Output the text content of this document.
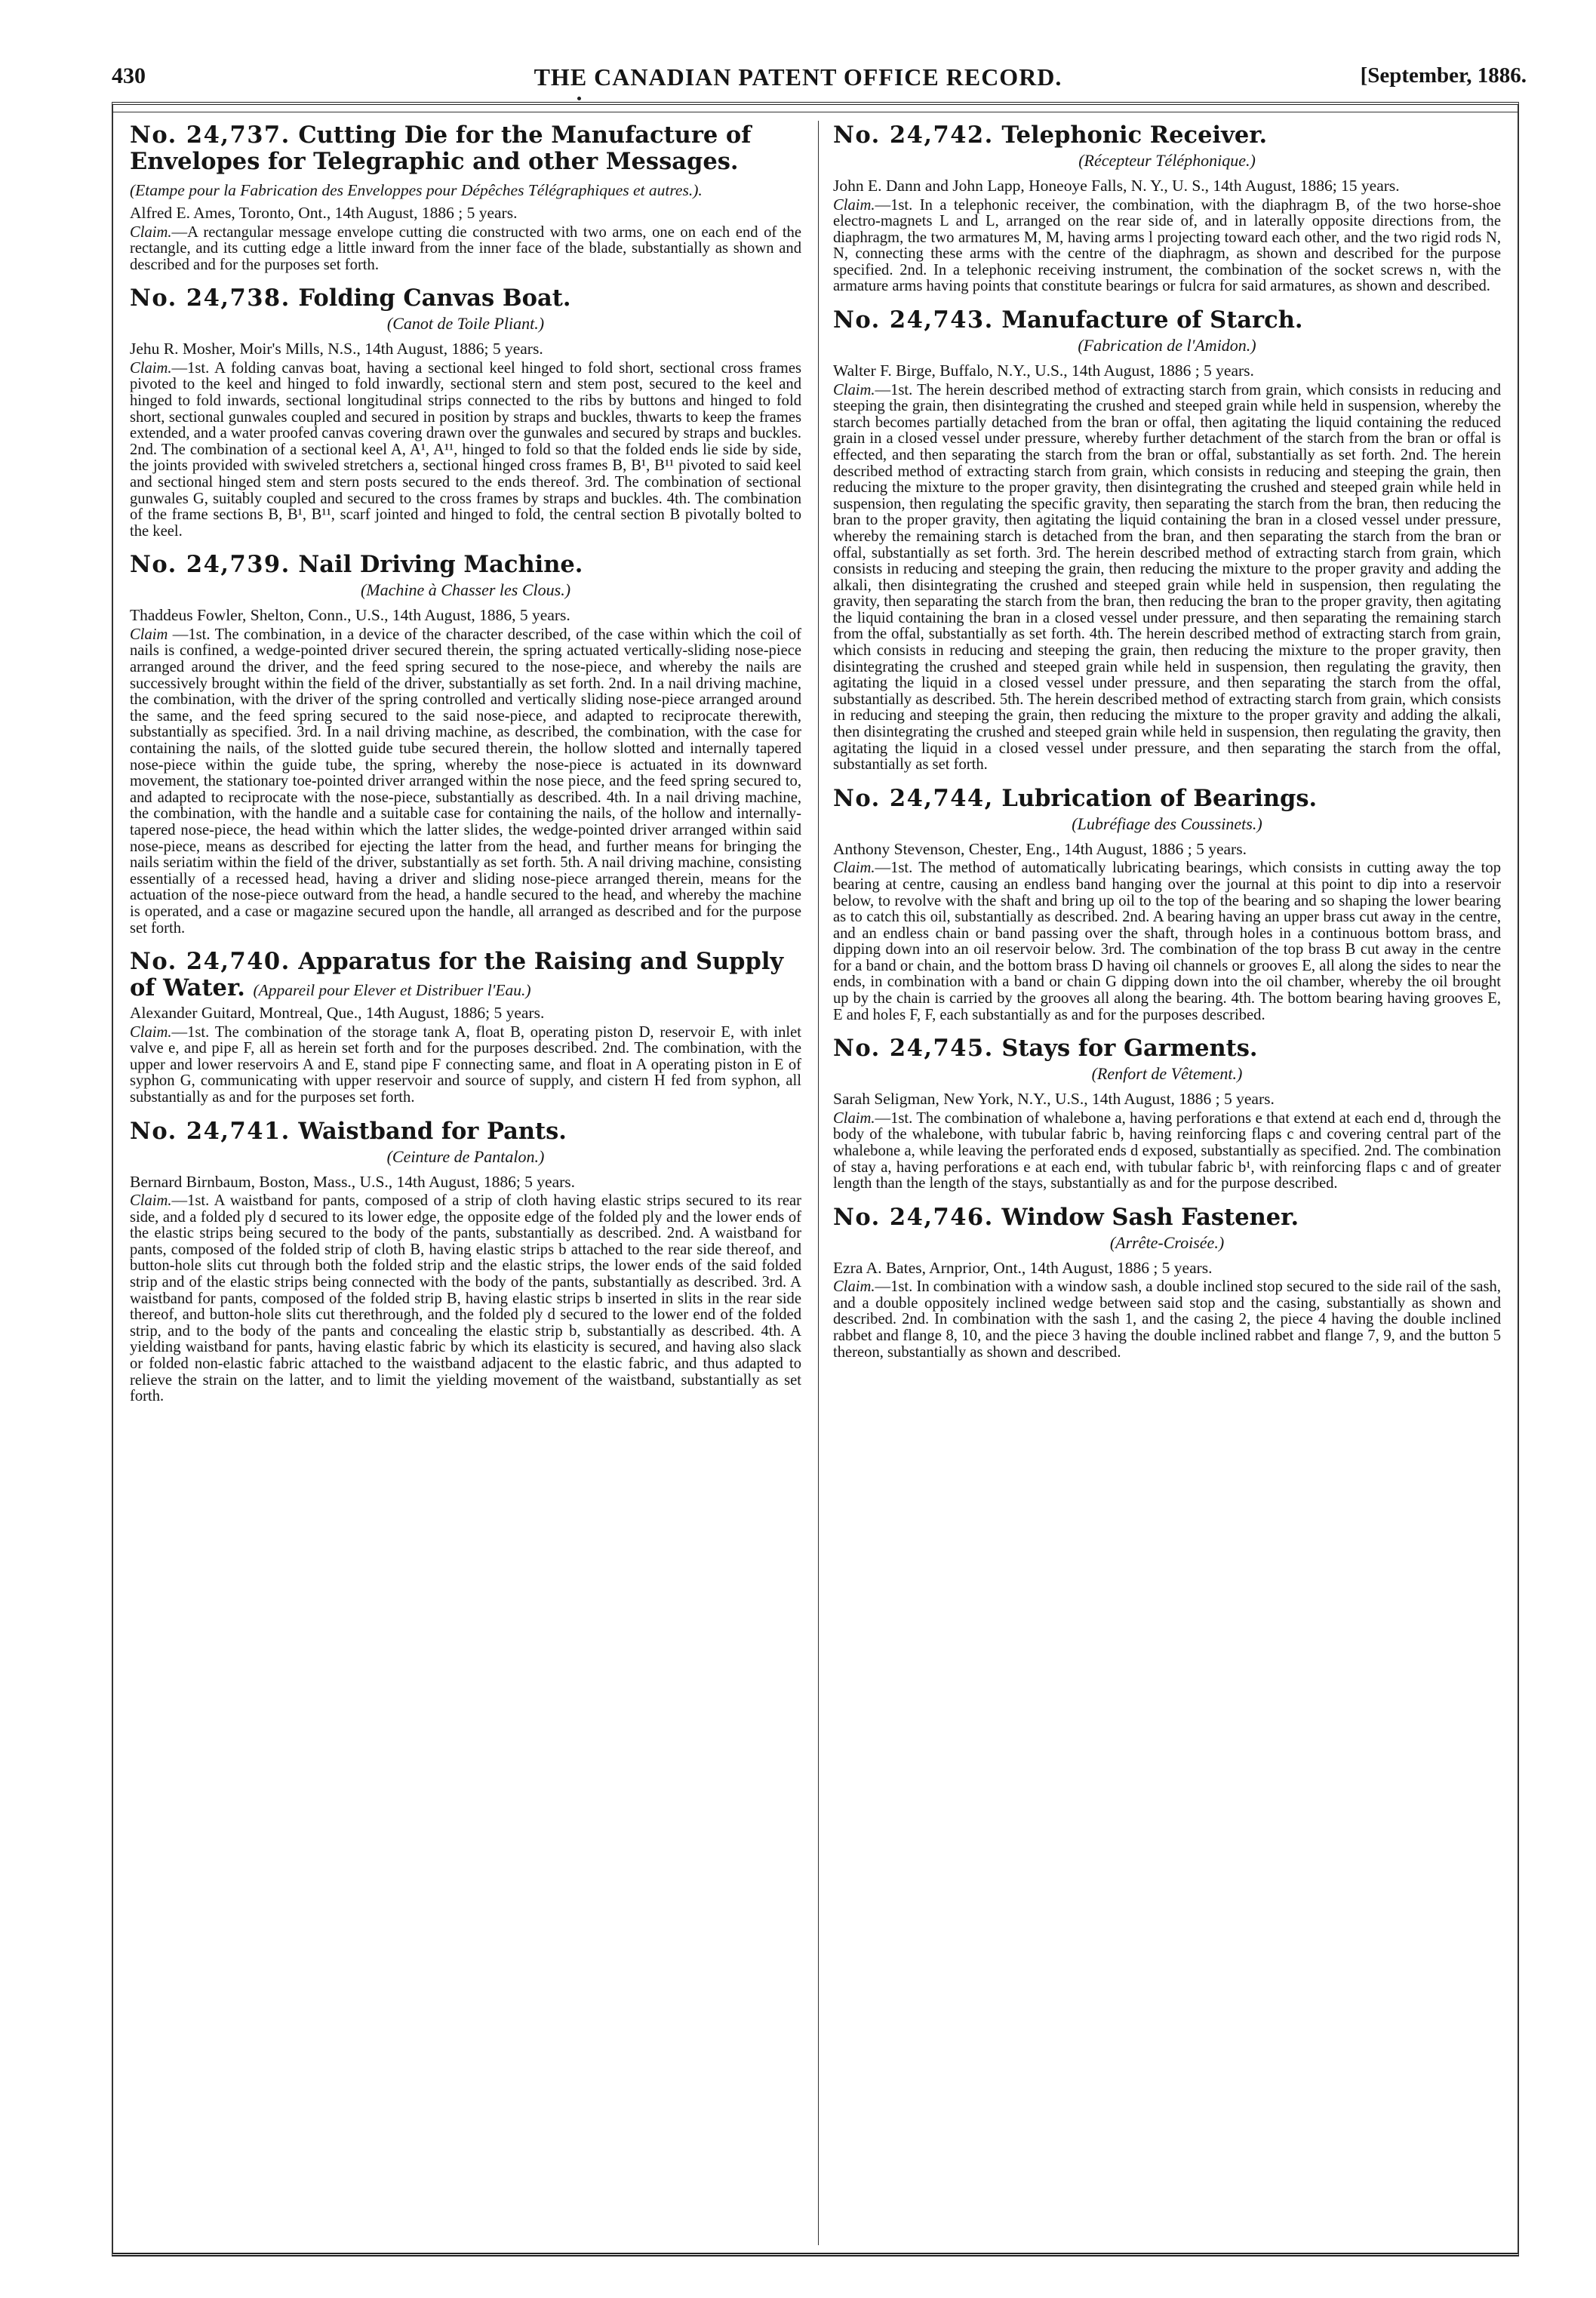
THE CANADIAN PATENT OFFICE RECORD.
430	[September, 1886.
No. 24,737. Cutting Die for the Manufacture of Envelopes for Telegraphic and other Messages. (Etampe pour la Fabrication des Enveloppes pour Dépêches Télégraphiques et autres.).
Alfred E. Ames, Toronto, Ont., 14th August, 1886 ; 5 years.

Claim.—A rectangular message envelope cutting die constructed with two arms, one on each end of the rectangle, and its cutting edge a little inward from the inner face of the blade, substantially as shown and described and for the purposes set forth.

No. 24,738. Folding Canvas Boat.
(Canot de Toile Pliant.)
Jehu R. Mosher, Moir's Mills, N.S., 14th August, 1886; 5 years.

Claim.—1st. A folding canvas boat, having a sectional keel hinged to fold short, sectional cross frames pivoted to the keel and hinged to fold inwardly, sectional stern and stem post, secured to the keel and hinged to fold inwards, sectional longitudinal strips connected to the ribs by buttons and hinged to fold short, sectional gunwales coupled and secured in position by straps and buckles, thwarts to keep the frames extended, and a water proofed canvas covering drawn over the gunwales and secured by straps and buckles. 2nd. The combination of a sectional keel A, A¹, A¹¹, hinged to fold so that the folded ends lie side by side, the joints provided with swiveled stretchers a, sectional hinged cross frames B, B¹, B¹¹ pivoted to said keel and sectional hinged stem and stern posts secured to the ends thereof. 3rd. The combination of sectional gunwales G, suitably coupled and secured to the cross frames by straps and buckles. 4th. The combination of the frame sections B, B¹, B¹¹, scarf jointed and hinged to fold, the central section B pivotally bolted to the keel.

No. 24,739. Nail Driving Machine.
(Machine à Chasser les Clous.)
Thaddeus Fowler, Shelton, Conn., U.S., 14th August, 1886, 5 years.

Claim —1st. The combination, in a device of the character described, of the case within which the coil of nails is confined, a wedge-pointed driver secured therein, the spring actuated vertically-sliding nose-piece arranged around the driver, and the feed spring secured to the nose-piece, and whereby the nails are successively brought within the field of the driver, substantially as set forth. 2nd. In a nail driving machine, the combination, with the driver of the spring controlled and vertically sliding nose-piece arranged around the same, and the feed spring secured to the said nose-piece, and adapted to reciprocate therewith, substantially as specified. 3rd. In a nail driving machine, as described, the combination, with the case for containing the nails, of the slotted guide tube secured therein, the hollow slotted and internally tapered nose-piece within the guide tube, the spring, whereby the nose-piece is actuated in its downward movement, the stationary toe-pointed driver arranged within the nose piece, and the feed spring secured to, and adapted to reciprocate with the nose-piece, substantially as described. 4th. In a nail driving machine, the combination, with the handle and a suitable case for containing the nails, of the hollow and internally-tapered nose-piece, the head within which the latter slides, the wedge-pointed driver arranged within said nose-piece, means as described for ejecting the latter from the head, and further means for bringing the nails seriatim within the field of the driver, substantially as set forth. 5th. A nail driving machine, consisting essentially of a recessed head, having a driver and sliding nose-piece arranged therein, means for the actuation of the nose-piece outward from the head, a handle secured to the head, and whereby the machine is operated, and a case or magazine secured upon the handle, all arranged as described and for the purpose set forth.

No. 24,740. Apparatus for the Raising and Supply of Water. (Appareil pour Elever et Distribuer l'Eau.)
Alexander Guitard, Montreal, Que., 14th August, 1886; 5 years.

Claim.—1st. The combination of the storage tank A, float B, operating piston D, reservoir E, with inlet valve e, and pipe F, all as herein set forth and for the purposes described. 2nd. The combination, with the upper and lower reservoirs A and E, stand pipe F connecting same, and float in A operating piston in E of syphon G, communicating with upper reservoir and source of supply, and cistern H fed from syphon, all substantially as and for the purposes set forth.

No. 24,741. Waistband for Pants.
(Ceinture de Pantalon.)
Bernard Birnbaum, Boston, Mass., U.S., 14th August, 1886; 5 years.

Claim.—1st. A waistband for pants, composed of a strip of cloth having elastic strips secured to its rear side, and a folded ply d secured to its lower edge, the opposite edge of the folded ply and the lower ends of the elastic strips being secured to the body of the pants, substantially as described. 2nd. A waistband for pants, composed of the folded strip of cloth B, having elastic strips b attached to the rear side thereof, and button-hole slits cut through both the folded strip and the elastic strips, the lower ends of the said folded strip and of the elastic strips being connected with the body of the pants, substantially as described. 3rd. A waistband for pants, composed of the folded strip B, having elastic strips b inserted in slits in the rear side thereof, and button-hole slits cut therethrough, and the folded ply d secured to the lower end of the folded strip, and to the body of the pants and concealing the elastic strip b, substantially as described. 4th. A yielding waistband for pants, having elastic fabric by which its elasticity is secured, and having also slack or folded non-elastic fabric attached to the waistband adjacent to the elastic fabric, and thus adapted to relieve the strain on the latter, and to limit the yielding movement of the waistband, substantially as set forth.

No. 24,742. Telephonic Receiver.
(Récepteur Téléphonique.)
John E. Dann and John Lapp, Honeoye Falls, N. Y., U. S., 14th August, 1886; 15 years.

Claim.—1st. In a telephonic receiver, the combination, with the diaphragm B, of the two horse-shoe electro-magnets L and L, arranged on the rear side of, and in laterally opposite directions from, the diaphragm, the two armatures M, M, having arms l projecting toward each other, and the two rigid rods N, N, connecting these arms with the centre of the diaphragm, as shown and described for the purpose specified. 2nd. In a telephonic receiving instrument, the combination of the socket screws n, with the armature arms having points that constitute bearings or fulcra for said armatures, as shown and described.

No. 24,743. Manufacture of Starch.
(Fabrication de l'Amidon.)
Walter F. Birge, Buffalo, N.Y., U.S., 14th August, 1886 ; 5 years.

Claim.—1st. The herein described method of extracting starch from grain, which consists in reducing and steeping the grain, then disintegrating the crushed and steeped grain while held in suspension, whereby the starch becomes partially detached from the bran or offal, then agitating the liquid containing the reduced grain in a closed vessel under pressure, whereby further detachment of the starch from the bran or offal is effected, and then separating the starch from the bran or offal, substantially as set forth. 2nd. The herein described method of extracting starch from grain, which consists in reducing and steeping the grain, then reducing the mixture to the proper gravity, then disintegrating the crushed and steeped grain while held in suspension, then regulating the specific gravity, then separating the starch from the bran, then reducing the bran to the proper gravity, then agitating the liquid containing the bran in a closed vessel under pressure, whereby the remaining starch is detached from the bran, and then separating the starch from the bran or offal, substantially as set forth. 3rd. The herein described method of extracting starch from grain, which consists in reducing and steeping the grain, then reducing the mixture to the proper gravity and adding the alkali, then disintegrating the crushed and steeped grain while held in suspension, then regulating the gravity, then separating the starch from the bran, then reducing the bran to the proper gravity, then agitating the liquid containing the bran in a closed vessel under pressure, and then separating the remaining starch from the offal, substantially as set forth. 4th. The herein described method of extracting starch from grain, which consists in reducing and steeping the grain, then reducing the mixture to the proper gravity, then disintegrating the crushed and steeped grain while held in suspension, then regulating the gravity, then agitating the liquid in a closed vessel under pressure, and then separating the starch from the offal, substantially as described. 5th. The herein described method of extracting starch from grain, which consists in reducing and steeping the grain, then reducing the mixture to the proper gravity and adding the alkali, then disintegrating the crushed and steeped grain while held in suspension, then regulating the gravity, then agitating the liquid in a closed vessel under pressure, and then separating the starch from the offal, substantially as set forth.

No. 24,744, Lubrication of Bearings.
(Lubréfiage des Coussinets.)
Anthony Stevenson, Chester, Eng., 14th August, 1886 ; 5 years.

Claim.—1st. The method of automatically lubricating bearings, which consists in cutting away the top bearing at centre, causing an endless band hanging over the journal at this point to dip into a reservoir below, to revolve with the shaft and bring up oil to the top of the bearing and so shaping the lower bearing as to catch this oil, substantially as described. 2nd. A bearing having an upper brass cut away in the centre, and an endless chain or band passing over the shaft, through holes in a continuous bottom brass, and dipping down into an oil reservoir below. 3rd. The combination of the top brass B cut away in the centre for a band or chain, and the bottom brass D having oil channels or grooves E, all along the sides to near the ends, in combination with a band or chain G dipping down into the oil chamber, whereby the oil brought up by the chain is carried by the grooves all along the bearing. 4th. The bottom bearing having grooves E, E and holes F, F, each substantially as and for the purposes described.

No. 24,745. Stays for Garments.
(Renfort de Vêtement.)
Sarah Seligman, New York, N.Y., U.S., 14th August, 1886 ; 5 years.

Claim.—1st. The combination of whalebone a, having perforations e that extend at each end d, through the body of the whalebone, with tubular fabric b, having reinforcing flaps c and covering central part of the whalebone a, while leaving the perforated ends d exposed, substantially as specified. 2nd. The combination of stay a, having perforations e at each end, with tubular fabric b¹, with reinforcing flaps c and of greater length than the length of the stays, substantially as and for the purpose described.

No. 24,746. Window Sash Fastener.
(Arrête-Croisée.)
Ezra A. Bates, Arnprior, Ont., 14th August, 1886 ; 5 years.

Claim.—1st. In combination with a window sash, a double inclined stop secured to the side rail of the sash, and a double oppositely inclined wedge between said stop and the casing, substantially as shown and described. 2nd. In combination with the sash 1, and the casing 2, the piece 4 having the double inclined rabbet and flange 8, 10, and the piece 3 having the double inclined rabbet and flange 7, 9, and the button 5 thereon, substantially as shown and described.
